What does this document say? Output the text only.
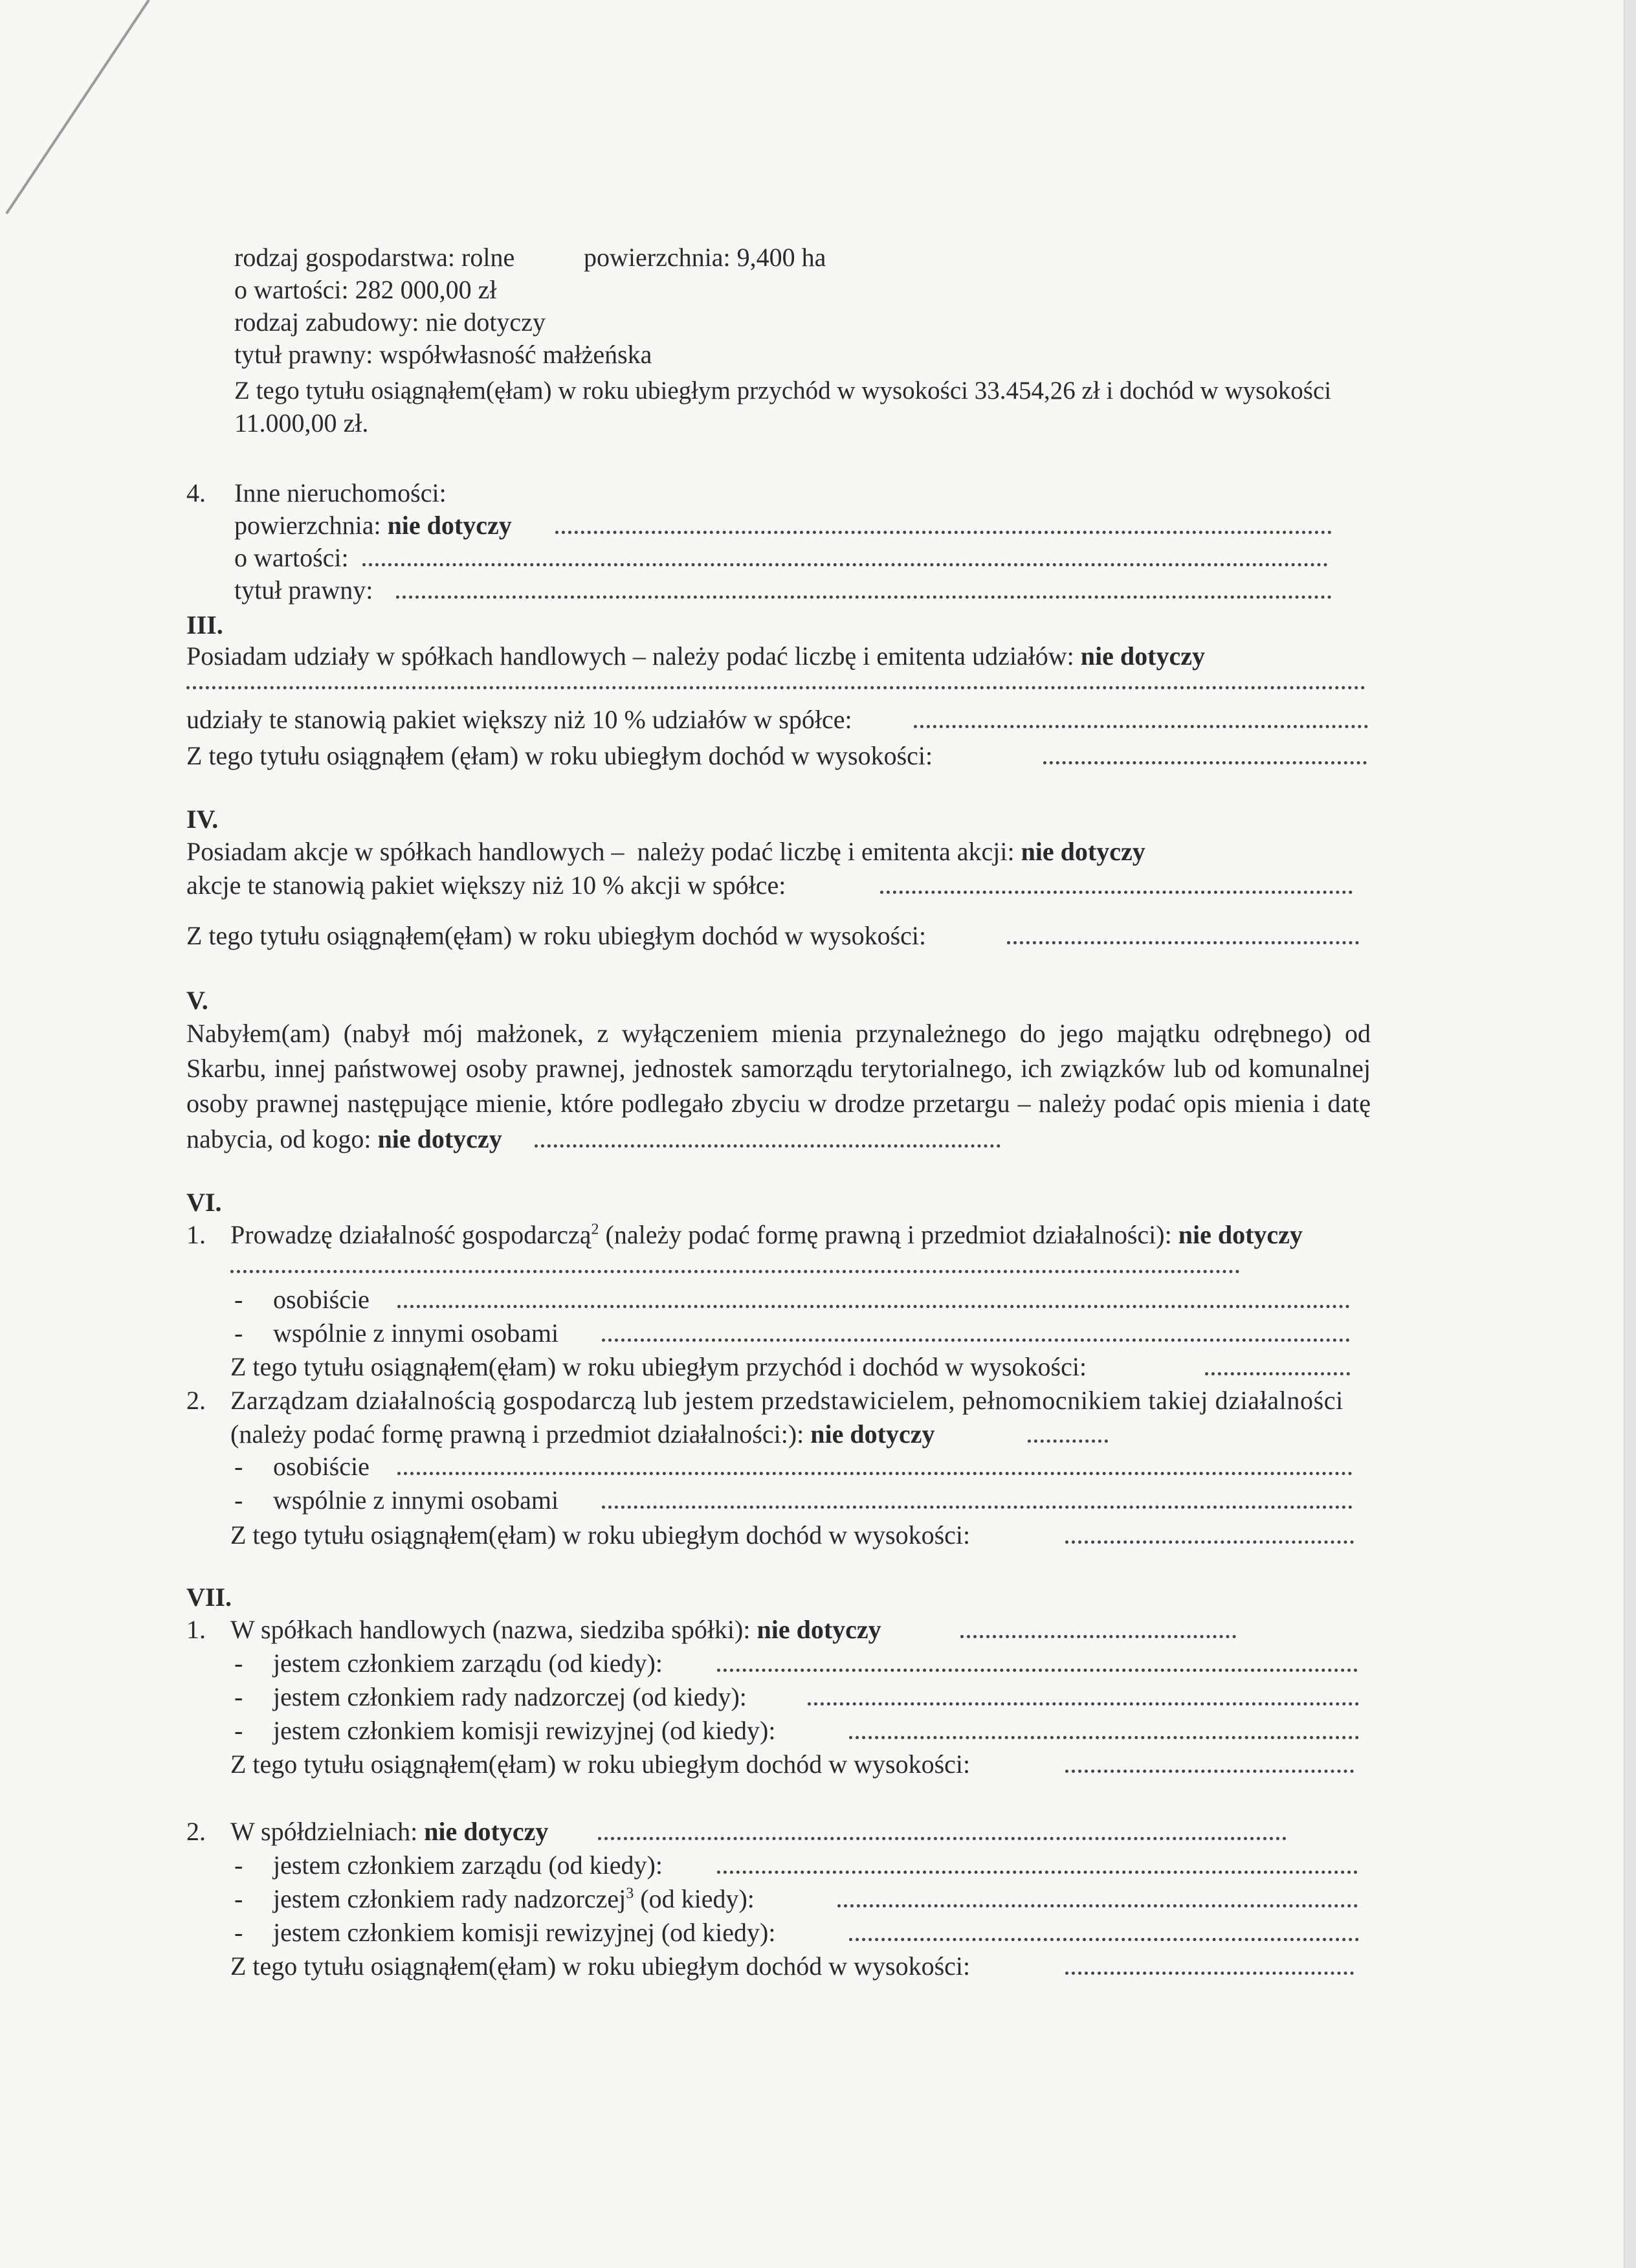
rodzaj gospodarstwa: rolne	powierzchnia: 9,400 ha
o wartości: 282 000,00 zł
rodzaj zabudowy: nie dotyczy
tytuł prawny: współwłasność małżeńska
Z tego tytułu osiągnąłem(ęłam) w roku ubiegłym przychód w wysokości 33.454,26 zł i dochód w wysokości
11.000,00 zł.
4. Inne nieruchomości:
powierzchnia: nie dotyczy
o wartości:
tytuł prawny:
III.
Posiadam udziały w spółkach handlowych – należy podać liczbę i emitenta udziałów: nie dotyczy
udziały te stanowią pakiet większy niż 10 % udziałów w spółce:
Z tego tytułu osiągnąłem (ęłam) w roku ubiegłym dochód w wysokości:
IV.
Posiadam akcje w spółkach handlowych –  należy podać liczbę i emitenta akcji: nie dotyczy
akcje te stanowią pakiet większy niż 10 % akcji w spółce:
Z tego tytułu osiągnąłem(ęłam) w roku ubiegłym dochód w wysokości:
V.
Nabyłem(am) (nabył mój małżonek, z wyłączeniem mienia przynależnego do jego majątku odrębnego) od Skarbu, innej państwowej osoby prawnej, jednostek samorządu terytorialnego, ich związków lub od komunalnej osoby prawnej następujące mienie, które podlegało zbyciu w drodze przetargu – należy podać opis mienia i datę
nabycia, od kogo: nie dotyczy
VI.
1. Prowadzę działalność gospodarczą$^2$ (należy podać formę prawną i przedmiot działalności): nie dotyczy
- osobiście
- wspólnie z innymi osobami
Z tego tytułu osiągnąłem(ęłam) w roku ubiegłym przychód i dochód w wysokości:
2. Zarządzam działalnością gospodarczą lub jestem przedstawicielem, pełnomocnikiem takiej działalności
(należy podać formę prawną i przedmiot działalności:): nie dotyczy
- osobiście
- wspólnie z innymi osobami
Z tego tytułu osiągnąłem(ęłam) w roku ubiegłym dochód w wysokości:
VII.
1. W spółkach handlowych (nazwa, siedziba spółki): nie dotyczy
- jestem członkiem zarządu (od kiedy):
- jestem członkiem rady nadzorczej (od kiedy):
- jestem członkiem komisji rewizyjnej (od kiedy):
Z tego tytułu osiągnąłem(ęłam) w roku ubiegłym dochód w wysokości:
2. W spółdzielniach: nie dotyczy
- jestem członkiem zarządu (od kiedy):
- jestem członkiem rady nadzorczej$^3$ (od kiedy):
- jestem członkiem komisji rewizyjnej (od kiedy):
Z tego tytułu osiągnąłem(ęłam) w roku ubiegłym dochód w wysokości:
